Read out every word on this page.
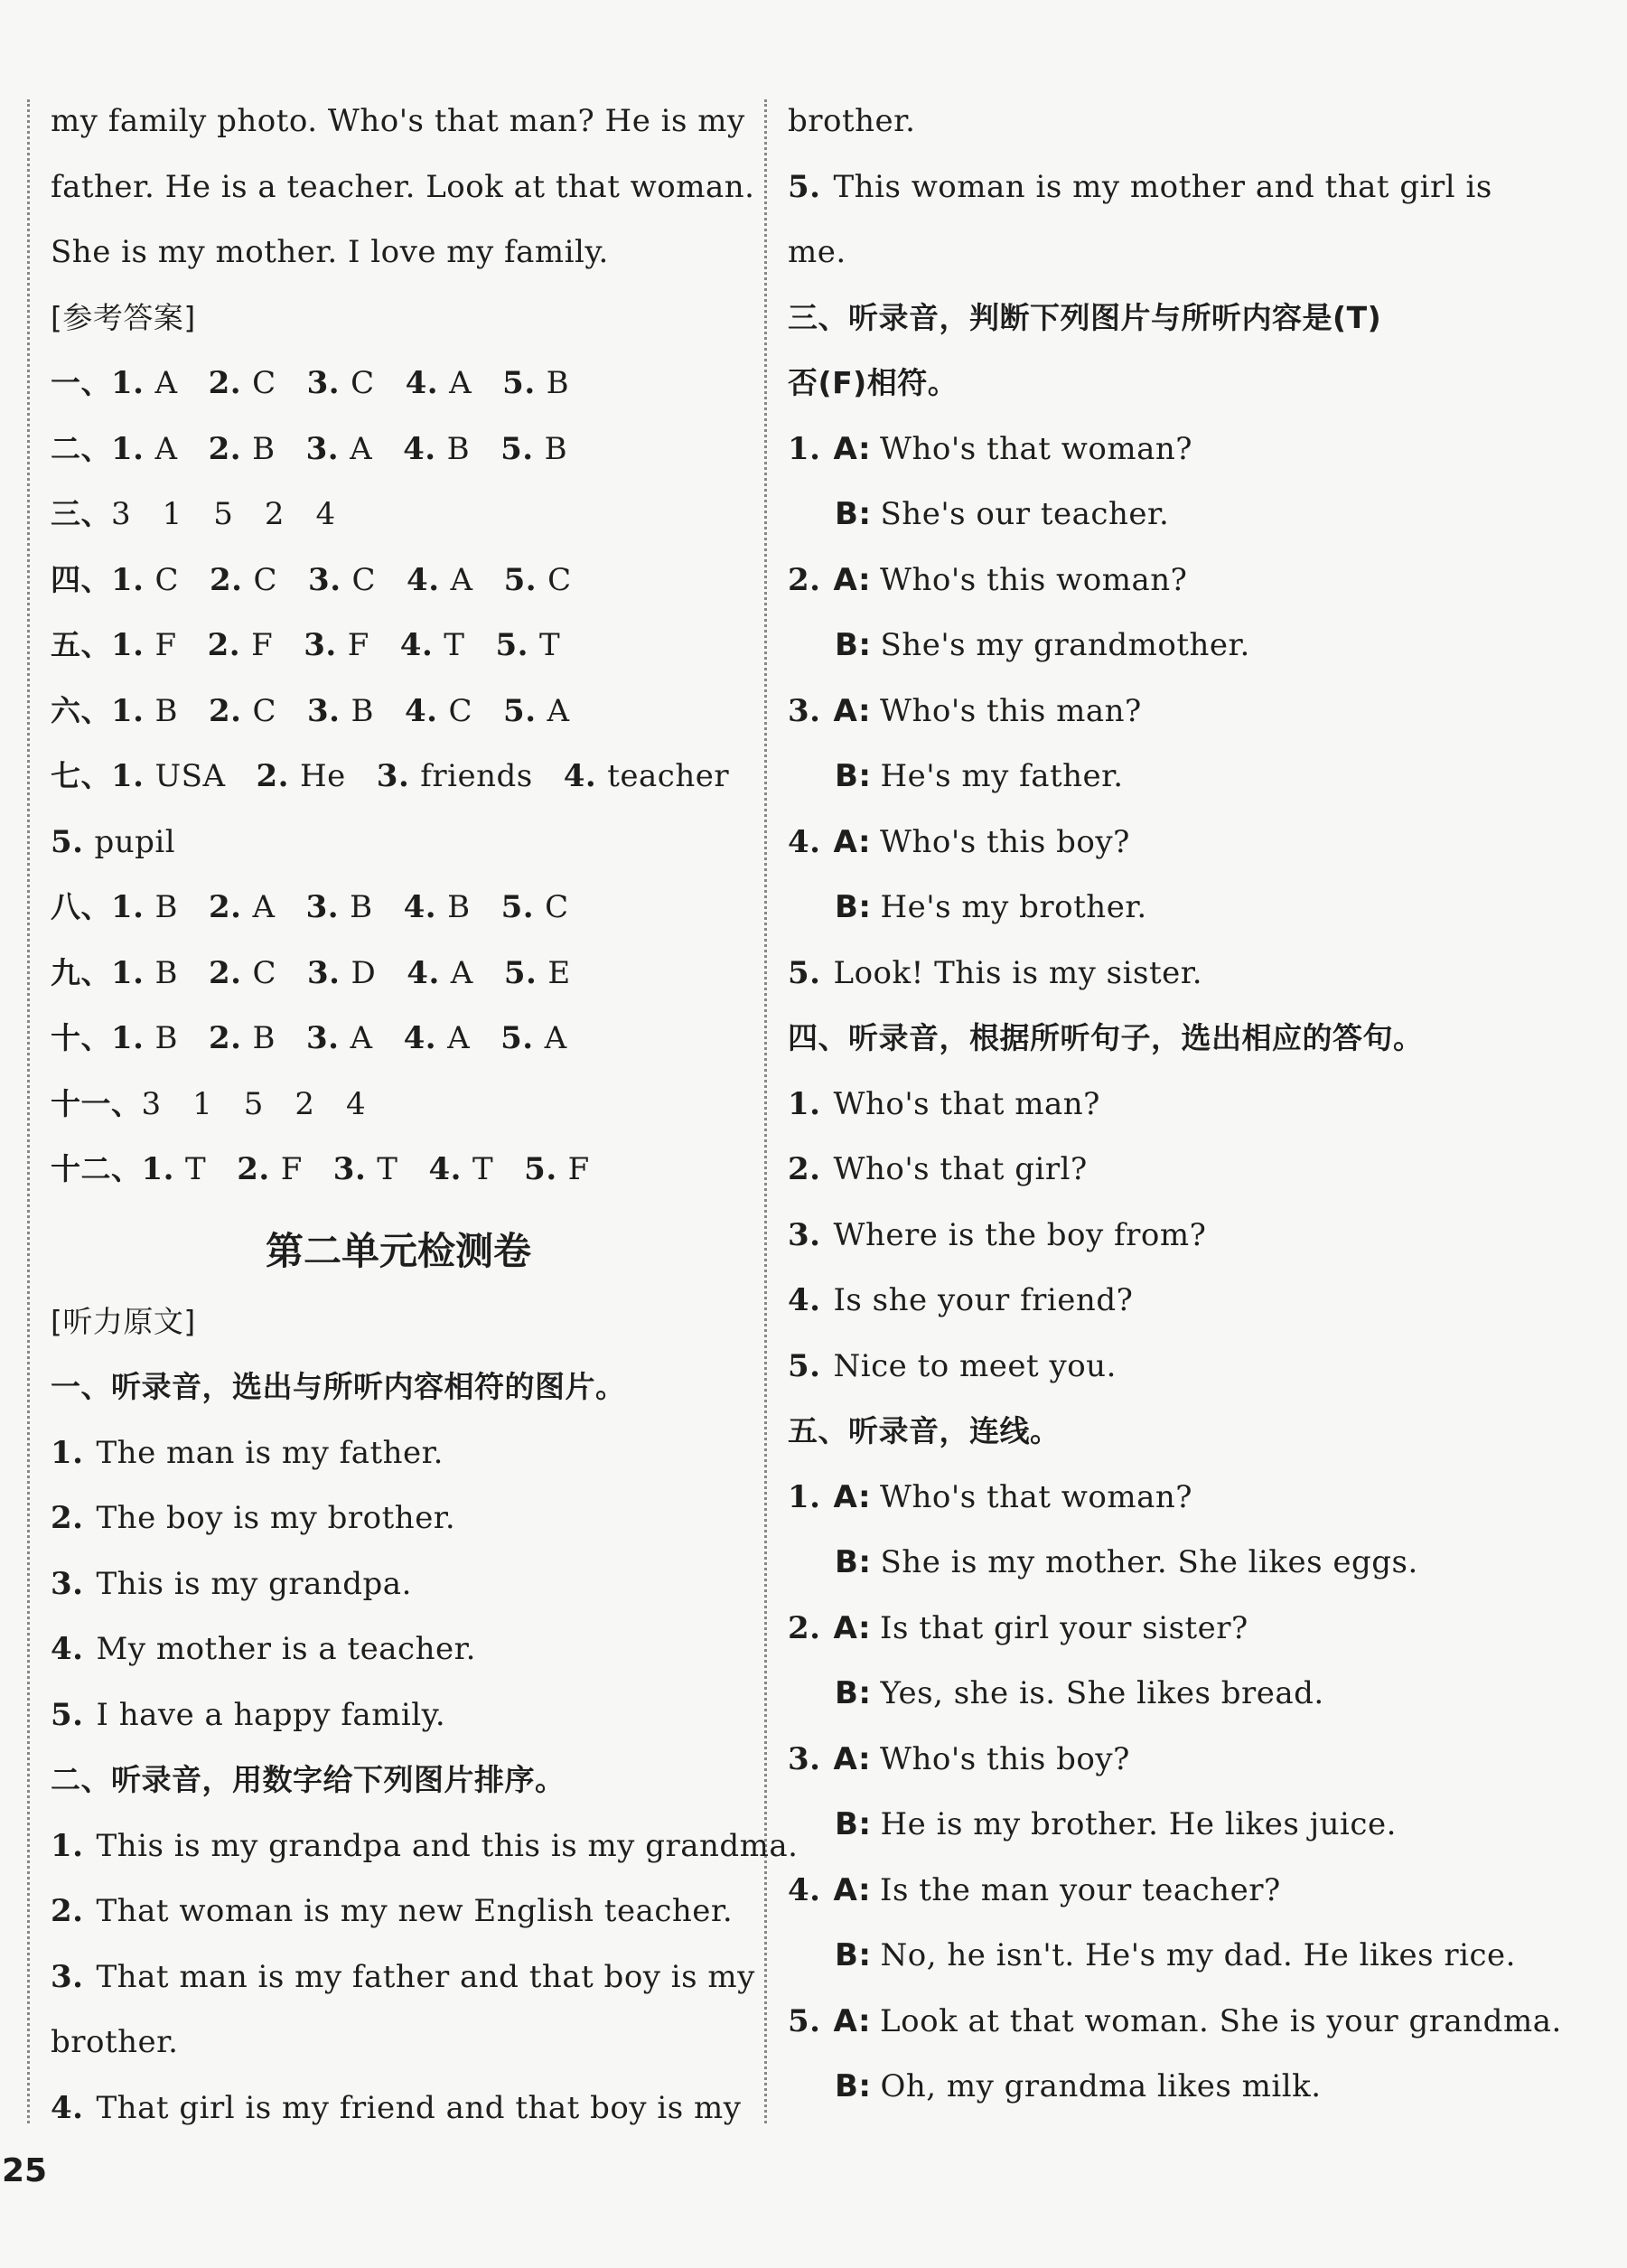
my family photo. Who's that man? He is my
father. He is a teacher. Look at that woman.
She is my mother. I love my family.
[参考答案]
一、1. A 2. C 3. C 4. A 5. B
二、1. A 2. B 3. A 4. B 5. B
三、3　1　5　2　4
四、1. C 2. C 3. C 4. A 5. C
五、1. F 2. F 3. F 4. T 5. T
六、1. B 2. C 3. B 4. C 5. A
七、1. USA 2. He 3. friends 4. teacher
5. pupil
八、1. B 2. A 3. B 4. B 5. C
九、1. B 2. C 3. D 4. A 5. E
十、1. B 2. B 3. A 4. A 5. A
十一、3　1　5　2　4
十二、1. T 2. F 3. T 4. T 5. F
第二单元检测卷
[听力原文]
一、听录音，选出与所听内容相符的图片。
1. The man is my father.
2. The boy is my brother.
3. This is my grandpa.
4. My mother is a teacher.
5. I have a happy family.
二、听录音，用数字给下列图片排序。
1. This is my grandpa and this is my grandma.
2. That woman is my new English teacher.
3. That man is my father and that boy is my
brother.
4. That girl is my friend and that boy is my
brother.
5. This woman is my mother and that girl is
me.
三、听录音，判断下列图片与所听内容是(T)
否(F)相符。
1. A: Who's that woman?
B: She's our teacher.
2. A: Who's this woman?
B: She's my grandmother.
3. A: Who's this man?
B: He's my father.
4. A: Who's this boy?
B: He's my brother.
5. Look! This is my sister.
四、听录音，根据所听句子，选出相应的答句。
1. Who's that man?
2. Who's that girl?
3. Where is the boy from?
4. Is she your friend?
5. Nice to meet you.
五、听录音，连线。
1. A: Who's that woman?
B: She is my mother. She likes eggs.
2. A: Is that girl your sister?
B: Yes, she is. She likes bread.
3. A: Who's this boy?
B: He is my brother. He likes juice.
4. A: Is the man your teacher?
B: No, he isn't. He's my dad. He likes rice.
5. A: Look at that woman. She is your grandma.
B: Oh, my grandma likes milk.
25
